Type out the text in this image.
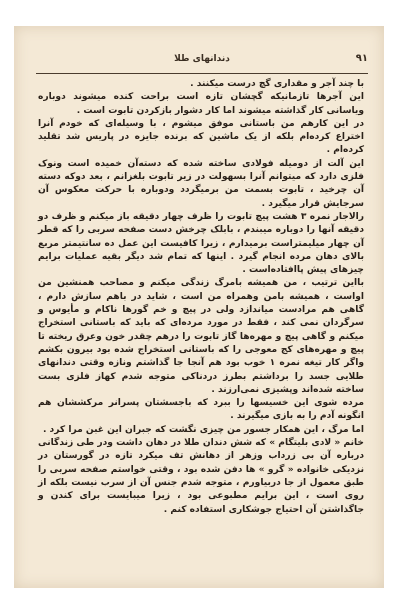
دندانهای طلا	۹۱

با چند آجر و مقداری گچ درست میکنند .

این آجرها تازمانیکه گچشان تازه است براحت کنده میشوند دوباره ویاسانی کار گذاشته میشوند اما کار دشوار بازکردن تابوت است .

در این کارهم من باستانی موفق میشوم ، با وسیله‌ای که خودم آنرا اختراع کرده‌ام بلکه از یک ماشین که برنده جایزه در پاریس شد تقلید کرده‌ام .

این آلت از دومیله فولادی ساخته شده که دسته‌آن خمیده است ونوک فلزی دارد که میتوانم آنرا بسهولت در زیر تابوت بلغزانم ، بعد دوکه دسته آن چرخید ، تابوت بسمت من برمیگردد ودوباره با حرکت معکوس آن سرجایش قرار میگیرد .

رالاجار نمره ۳ هشت پیچ تابوت را ظرف چهار دقیقه باز میکنم و ظرف دو دقیقه آنها را دوباره میبندم ، بابلک چرخش دست صفحه سربی را که قطر آن چهار میلیمتراست برمیدارم ، زیرا کافیست این عمل ده سانتیمتر مربع بالای دهان مرده انجام گیرد . اینها که تمام شد دیگر بقیه عملیات برایم چیزهای پیش پاافتاده‌است .

بااین ترتیب ، من همیشه بامرگ زندگی میکنم و مصاحب همنشین من اواست ، همیشه بامن وهمراه من است ، شاید در باهم سازش دارم ، گاهی هم مرادست میاندازد ولی در پیچ و خم گورها ناکام و مأیوس و سرگردان نمی کند ، فقط در مورد مرده‌ای که باید که باستانی استخراج میکنم و گاهی پیچ و مهره‌ها گاز تابوت را درهم چقدر خون وعرق ریخته تا پیچ و مهره‌های کج معوجی را که باستانی استخراج شده بود بیرون بکشم واگر کار تیغه نمره ۱ خوب بود هم آنجا جا گذاشتم ونازه وقتی دندانهای طلایی جسد را برداشتم بطرز دردناکی متوجه شدم کهاز فلزی بست ساخته شده‌اند وپشیزی نمی‌ارزند .

مرده شوی این خسیسها را ببرد که باجسشتان پسرانر مرکششان هم انگونه آدم را به بازی میگیرند .

اما مرگ ، این همکار جسور من چیزی نگشت که جبران این غبن مرا کرد .

خانم « لادی بلیتگام » که شش دندان طلا در دهان داشت ودر طی زندگانی درباره آن بی زرداب وزهر از دهانش تف میکرد تازه در گورستان در نزدیکی خانواده « گرو » ها دفن شده بود ، وقتی خواستم صفحه سربی را طبق معمول از جا دربیاورم ، متوجه شدم جنس آن از سرب نیست بلکه از روی است ، این برایم مطبوعی بود ، زیرا میبایست برای کندن و جاگذاشتن آن احتیاج جوشکاری استفاده کنم .
